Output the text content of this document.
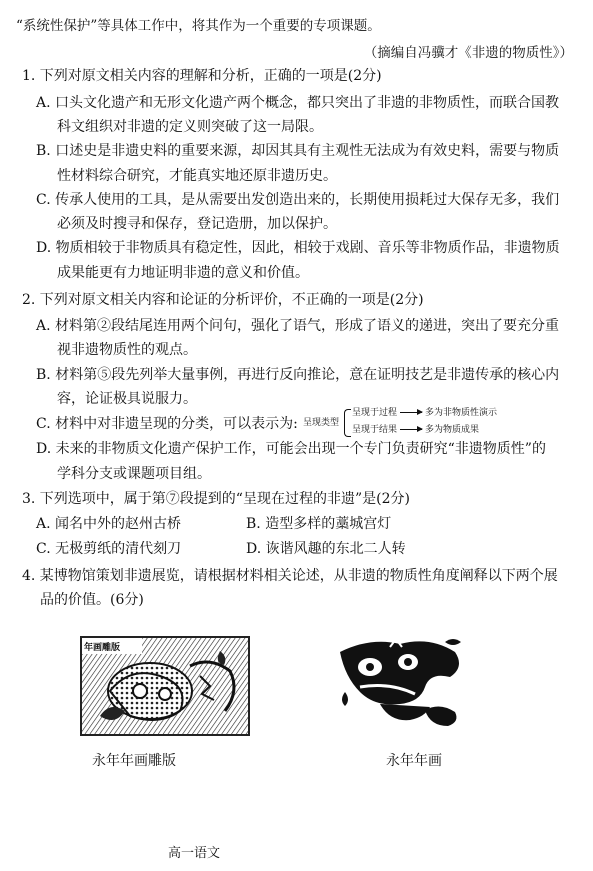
“系统性保护”等具体工作中，将其作为一个重要的专项课题。
（摘编自冯骥才《非遗的物质性》）
1. 下列对原文相关内容的理解和分析，正确的一项是(2分)
A. 口头文化遗产和无形文化遗产两个概念，都只突出了非遗的非物质性，而联合国教
科文组织对非遗的定义则突破了这一局限。
B. 口述史是非遗史料的重要来源，却因其具有主观性无法成为有效史料，需要与物质
性材料综合研究，才能真实地还原非遗历史。
C. 传承人使用的工具，是从需要出发创造出来的，长期使用损耗过大保存无多，我们
必须及时搜寻和保存，登记造册，加以保护。
D. 物质相较于非物质具有稳定性，因此，相较于戏剧、音乐等非物质作品，非遗物质
成果能更有力地证明非遗的意义和价值。
2. 下列对原文相关内容和论证的分析评价，不正确的一项是(2分)
A. 材料第②段结尾连用两个问句，强化了语气，形成了语义的递进，突出了要充分重
视非遗物质性的观点。
B. 材料第⑤段先列举大量事例，再进行反向推论，意在证明技艺是非遗传承的核心内
容，论证极具说服力。
C. 材料中对非遗呈现的分类，可以表示为: 呈现类型
呈现于过程	多为非物质性演示
呈现于结果	多为物质成果
D. 未来的非物质文化遗产保护工作，可能会出现一个专门负责研究“非遗物质性”的
学科分支或课题项目组。
3. 下列选项中，属于第⑦段提到的“呈现在过程的非遗”是(2分)
A. 闻名中外的赵州古桥	B. 造型多样的藁城宫灯
C. 无极剪纸的清代刻刀	D. 诙谐风趣的东北二人转
4. 某博物馆策划非遗展览，请根据材料相关论述，从非遗的物质性角度阐释以下两个展
品的价值。(6分)
年画雕版
永年年画雕版	永年年画
高一语文
